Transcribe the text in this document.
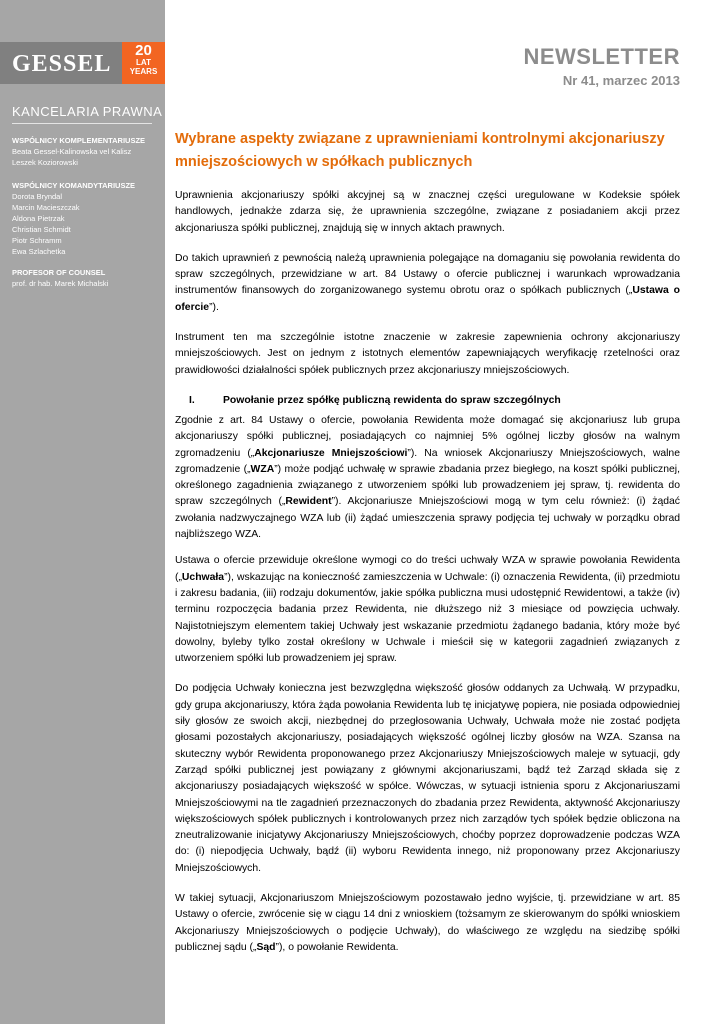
GESSEL
20
LAT
YEARS
KANCELARIA PRAWNA
WSPÓLNICY KOMPLEMENTARIUSZE
Beata Gessel-Kalinowska vel Kalisz
Leszek Koziorowski
WSPÓLNICY KOMANDYTARIUSZE
Dorota Bryndal
Marcin Macieszczak
Aldona Pietrzak
Christian Schmidt
Piotr Schramm
Ewa Szlachetka
PROFESOR OF COUNSEL
prof. dr hab. Marek Michalski
NEWSLETTER
Nr 41, marzec 2013
Wybrane aspekty związane z uprawnieniami kontrolnymi akcjonariuszy mniejszościowych w spółkach publicznych

Uprawnienia akcjonariuszy spółki akcyjnej są w znacznej części uregulowane w Kodeksie spółek handlowych, jednakże zdarza się, że uprawnienia szczególne, związane z posiadaniem akcji przez akcjonariusza spółki publicznej, znajdują się w innych aktach prawnych.

Do takich uprawnień z pewnością należą uprawnienia polegające na domaganiu się powołania rewidenta do spraw szczególnych, przewidziane w art. 84 Ustawy o ofercie publicznej i warunkach wprowadzania instrumentów finansowych do zorganizowanego systemu obrotu oraz o spółkach publicznych („Ustawa o ofercie”).

Instrument ten ma szczególnie istotne znaczenie w zakresie zapewnienia ochrony akcjonariuszy mniejszościowych. Jest on jednym z istotnych elementów zapewniających weryfikację rzetelności oraz prawidłowości działalności spółek publicznych przez akcjonariuszy mniejszościowych.

I.	Powołanie przez spółkę publiczną rewidenta do spraw szczególnych

Zgodnie z art. 84 Ustawy o ofercie, powołania Rewidenta może domagać się akcjonariusz lub grupa akcjonariuszy spółki publicznej, posiadających co najmniej 5% ogólnej liczby głosów na walnym zgromadzeniu („Akcjonariusze Mniejszościowi”). Na wniosek Akcjonariuszy Mniejszościowych, walne zgromadzenie („WZA”) może podjąć uchwałę w sprawie zbadania przez biegłego, na koszt spółki publicznej, określonego zagadnienia związanego z utworzeniem spółki lub prowadzeniem jej spraw, tj. rewidenta do spraw szczególnych („Rewident”). Akcjonariusze Mniejszościowi mogą w tym celu również: (i) żądać zwołania nadzwyczajnego WZA lub (ii) żądać umieszczenia sprawy podjęcia tej uchwały w porządku obrad najbliższego WZA.

Ustawa o ofercie przewiduje określone wymogi co do treści uchwały WZA w sprawie powołania Rewidenta („Uchwała”), wskazując na konieczność zamieszczenia w Uchwale: (i) oznaczenia Rewidenta, (ii) przedmiotu i zakresu badania, (iii) rodzaju dokumentów, jakie spółka publiczna musi udostępnić Rewidentowi, a także (iv) terminu rozpoczęcia badania przez Rewidenta, nie dłuższego niż 3 miesiące od powzięcia uchwały. Najistotniejszym elementem takiej Uchwały jest wskazanie przedmiotu żądanego badania, który może być dowolny, byleby tylko został określony w Uchwale i mieścił się w kategorii zagadnień związanych z utworzeniem spółki lub prowadzeniem jej spraw.

Do podjęcia Uchwały konieczna jest bezwzględna większość głosów oddanych za Uchwałą. W przypadku, gdy grupa akcjonariuszy, która żąda powołania Rewidenta lub tę inicjatywę popiera, nie posiada odpowiedniej siły głosów ze swoich akcji, niezbędnej do przegłosowania Uchwały, Uchwała może nie zostać podjęta głosami pozostałych akcjonariuszy, posiadających większość ogólnej liczby głosów na WZA. Szansa na skuteczny wybór Rewidenta proponowanego przez Akcjonariuszy Mniejszościowych maleje w sytuacji, gdy Zarząd spółki publicznej jest powiązany z głównymi akcjonariuszami, bądź też Zarząd składa się z akcjonariuszy posiadających większość w spółce. Wówczas, w sytuacji istnienia sporu z Akcjonariuszami Mniejszościowymi na tle zagadnień przeznaczonych do zbadania przez Rewidenta, aktywność Akcjonariuszy większościowych spółek publicznych i kontrolowanych przez nich zarządów tych spółek będzie obliczona na zneutralizowanie inicjatywy Akcjonariuszy Mniejszościowych, choćby poprzez doprowadzenie podczas WZA do: (i) niepodjęcia Uchwały, bądź (ii) wyboru Rewidenta innego, niż proponowany przez Akcjonariuszy Mniejszościowych.

W takiej sytuacji, Akcjonariuszom Mniejszościowym pozostawało jedno wyjście, tj. przewidziane w art. 85 Ustawy o ofercie, zwrócenie się w ciągu 14 dni z wnioskiem (tożsamym ze skierowanym do spółki wnioskiem Akcjonariuszy Mniejszościowych o podjęcie Uchwały), do właściwego ze względu na siedzibę spółki publicznej sądu („Sąd”), o powołanie Rewidenta.
